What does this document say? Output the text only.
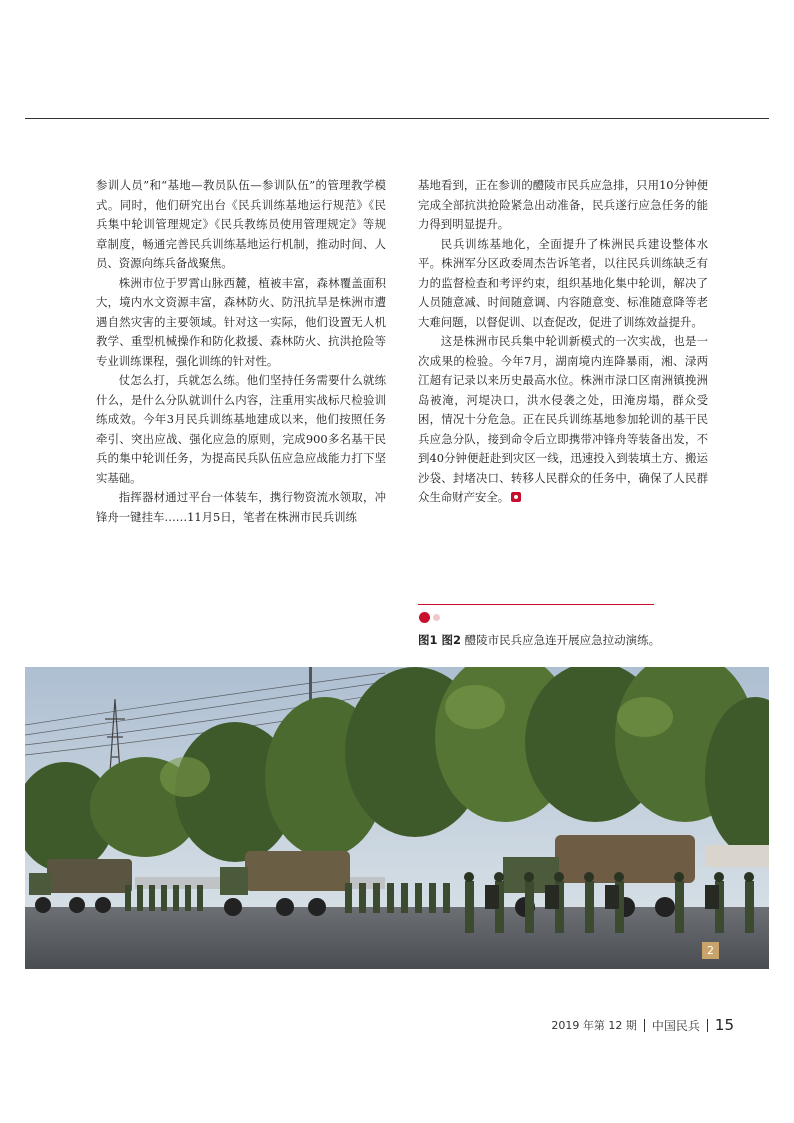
参训人员”和“基地—教员队伍—参训队伍”的管理教学模式。同时，他们研究出台《民兵训练基地运行规范》《民兵集中轮训管理规定》《民兵教练员使用管理规定》等规章制度，畅通完善民兵训练基地运行机制，推动时间、人员、资源向练兵备战聚焦。

株洲市位于罗霄山脉西麓，植被丰富，森林覆盖面积大，境内水文资源丰富，森林防火、防汛抗旱是株洲市遭遇自然灾害的主要领域。针对这一实际，他们设置无人机教学、重型机械操作和防化救援、森林防火、抗洪抢险等专业训练课程，强化训练的针对性。

仗怎么打，兵就怎么练。他们坚持任务需要什么就练什么，是什么分队就训什么内容，注重用实战标尺检验训练成效。今年3月民兵训练基地建成以来，他们按照任务牵引、突出应战、强化应急的原则，完成900多名基干民兵的集中轮训任务，为提高民兵队伍应急应战能力打下坚实基础。

指挥器材通过平台一体装车，携行物资流水领取，冲锋舟一键挂车……11月5日，笔者在株洲市民兵训练

基地看到，正在参训的醴陵市民兵应急排，只用10分钟便完成全部抗洪抢险紧急出动准备，民兵遂行应急任务的能力得到明显提升。

民兵训练基地化，全面提升了株洲民兵建设整体水平。株洲军分区政委周杰告诉笔者，以往民兵训练缺乏有力的监督检查和考评约束，组织基地化集中轮训，解决了人员随意减、时间随意调、内容随意变、标准随意降等老大难问题，以督促训、以查促改，促进了训练效益提升。

这是株洲市民兵集中轮训新模式的一次实战，也是一次成果的检验。今年7月，湖南境内连降暴雨，湘、渌两江超有记录以来历史最高水位。株洲市渌口区南洲镇挽洲岛被淹，河堤决口，洪水侵袭之处，田淹房塌，群众受困，情况十分危急。正在民兵训练基地参加轮训的基干民兵应急分队，接到命令后立即携带冲锋舟等装备出发，不到40分钟便赶赴到灾区一线，迅速投入到装填土方、搬运沙袋、封堵决口、转移人民群众的任务中，确保了人民群众生命财产安全。

图1 图2 醴陵市民兵应急连开展应急拉动演练。
2
2019 年第 12 期 中国民兵 15
